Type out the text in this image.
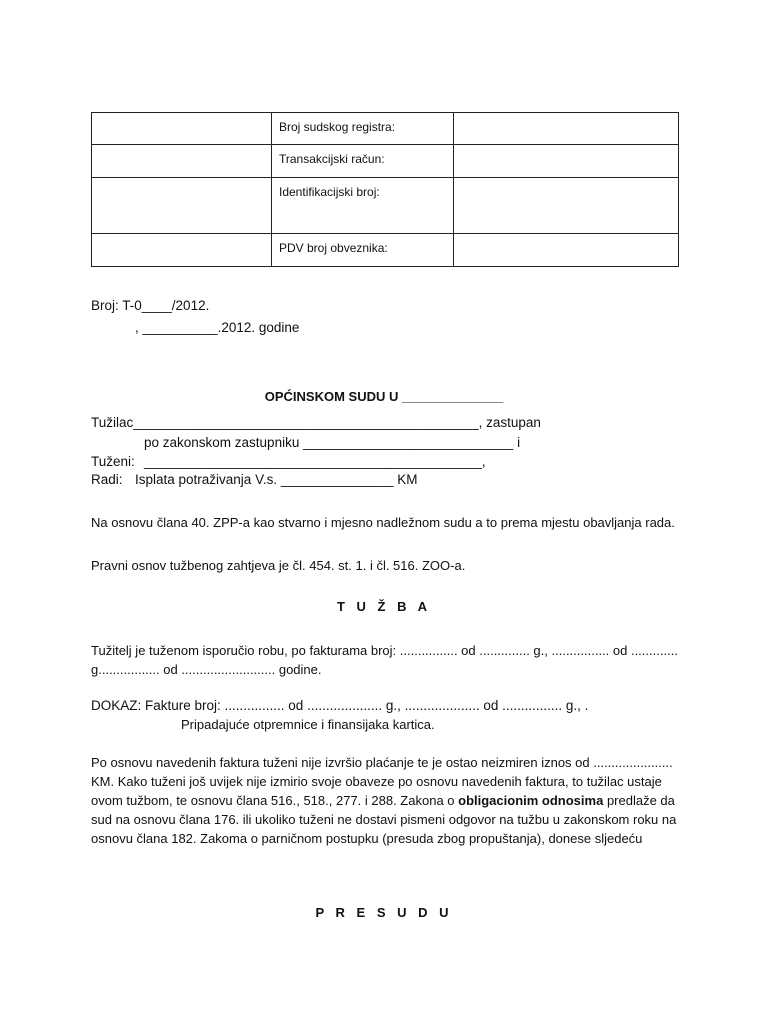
	Broj sudskog registra:	
	Transakcijski račun:	
	Identifikacijski broj:	
	PDV broj obveznika:	
Broj: T-0____/2012.
, __________.2012. godine
OPĆINSKOM SUDU U ______________
Tužilac______________________________________________, zastupan
po zakonskom zastupniku ____________________________ i
Tuženi: _____________________________________________,
Radi: Isplata potraživanja V.s. _______________ KM
Na osnovu člana 40. ZPP-a kao stvarno i mjesno nadležnom sudu a to prema mjestu obavljanja rada.
Pravni osnov tužbenog zahtjeva je čl. 454. st. 1. i čl. 516. ZOO-a.
T U Ž B A
Tužitelj je tuženom isporučio robu, po fakturama broj: ................ od .............. g., ................ od ............. g................. od .......................... godine.
DOKAZ: Fakture broj: ................ od .................... g., .................... od ................ g., .
Pripadajuće otpremnice i finansijaka kartica.
Po osnovu navedenih faktura tuženi nije izvršio plaćanje te je ostao neizmiren iznos od ...................... KM. Kako tuženi još uvijek nije izmirio svoje obaveze po osnovu navedenih faktura, to tužilac ustaje ovom tužbom, te osnovu člana 516., 518., 277. i 288. Zakona o obligacionim odnosima predlaže da sud na osnovu člana 176. ili ukoliko tuženi ne dostavi pismeni odgovor na tužbu u zakonskom roku na osnovu člana 182. Zakoma o parničnom postupku (presuda zbog propuštanja), donese sljedeću
P R E S U D U
